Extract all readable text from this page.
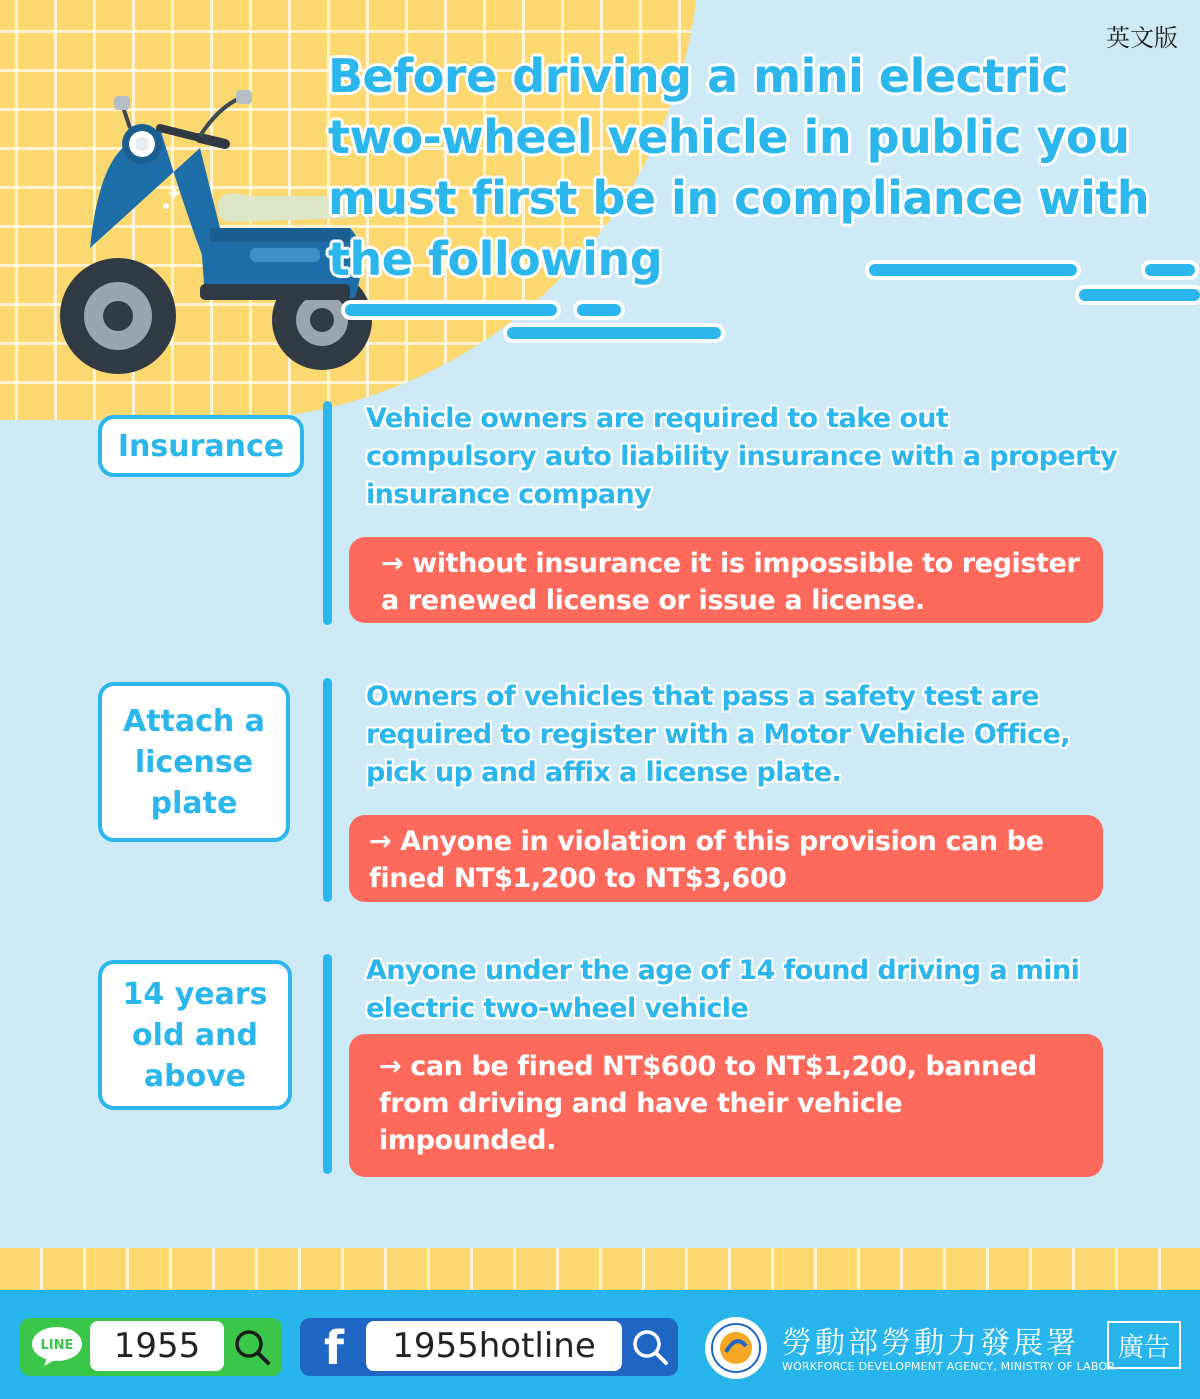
英文版
Before driving a mini electric two-wheel vehicle in public you must first be in compliance with the following
Insurance
Vehicle owners are required to take out compulsory auto liability insurance with a property insurance company
→ without insurance it is impossible to register a renewed license or issue a license.
Attach a license plate
Owners of vehicles that pass a safety test are required to register with a Motor Vehicle Office, pick up and affix a license plate.
→ Anyone in violation of this provision can be fined NT$1,200 to NT$3,600
14 years old and above
Anyone under the age of 14 found driving a mini electric two-wheel vehicle
→ can be fined NT$600 to NT$1,200, banned from driving and have their vehicle impounded.
LINE 1955	f	1955hotline	勞動部勞動力發展署
WORKFORCE DEVELOPMENT AGENCY, MINISTRY OF LABOR
廣告
